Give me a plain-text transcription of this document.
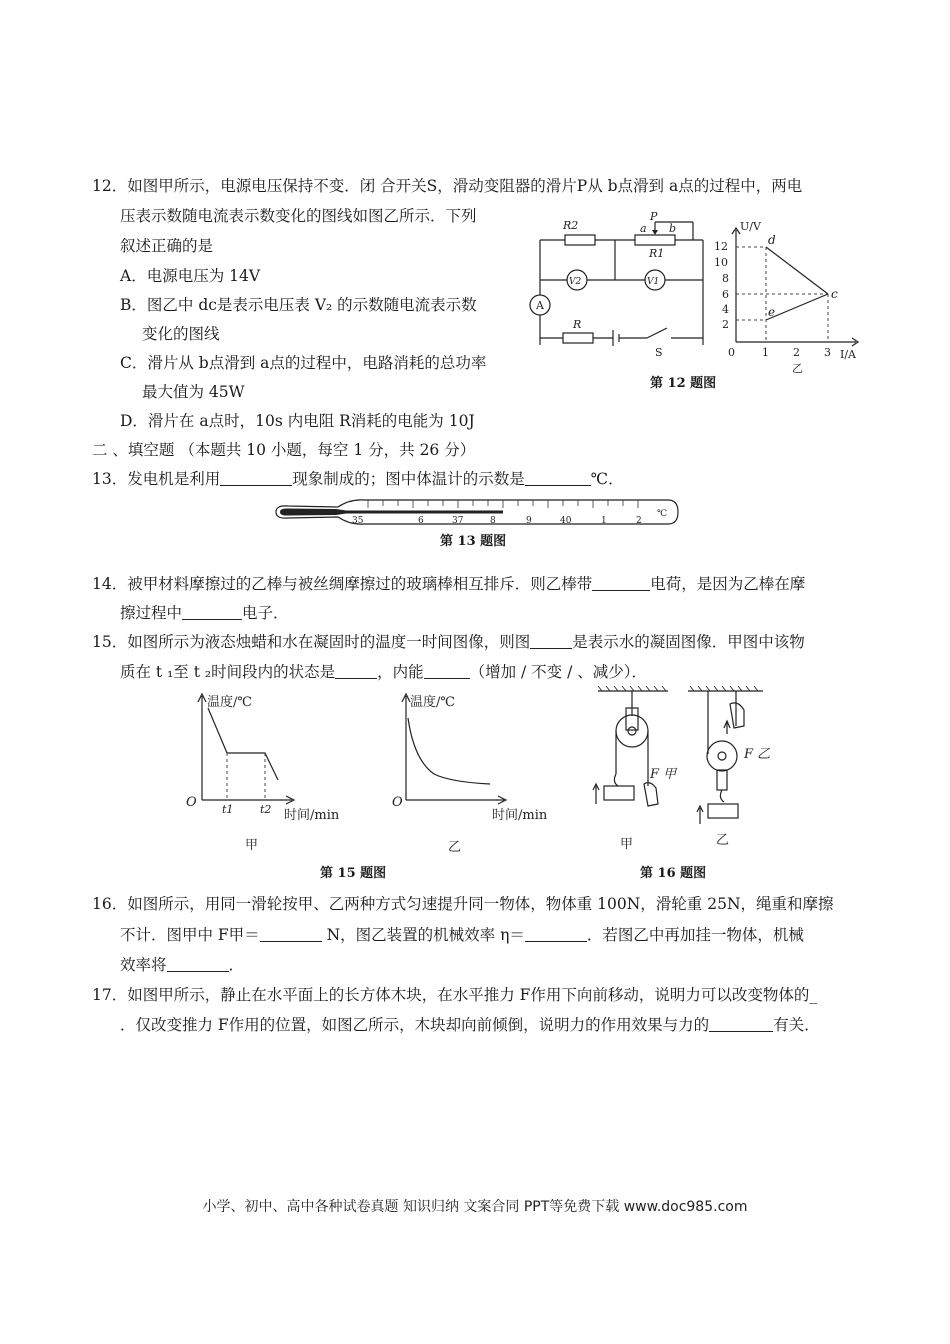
12．如图甲所示，电源电压保持不变．闭 合开关S，滑动变阻器的滑片P从 b点滑到 a点的过程中，两电
压表示数随电流表示数变化的图线如图乙所示．下列
叙述正确的是
A．电源电压为 14V
B．图乙中 dc是表示电压表 V₂ 的示数随电流表示数
变化的图线
C．滑片从 b点滑到 a点的过程中，电路消耗的总功率
最大值为 45W
D．滑片在 a点时，10s 内电阻 R消耗的电能为 10J
R2
P
a b
R1
V2	V1
A
R
S
U/V
I/A
0
12
10
8
6
4
2
1 2 3
乙
d
c
e
第 12 题图
二 、填空题 （本题共 10 小题，每空 1 分，共 26 分）
13．发电机是利用	现象制成的；图中体温计的示数是	℃．
35	6	37	8	9	40	1	2
℃
第 13 题图
14．被甲材料摩擦过的乙棒与被丝绸摩擦过的玻璃棒相互排斥．则乙棒带	电荷，是因为乙棒在摩
擦过程中	电子．
15．如图所示为液态烛蜡和水在凝固时的温度一时间图像，则图	是表示水的凝固图像．甲图中该物
质在 t ₁至 t ₂时间段内的状态是	，内能	（增加 / 不变 / 、减少）．
温度/℃
时间/min
O t1 t2
甲
温度/℃
时间/min
O
乙
第 15 题图
F 甲
F 乙
甲	乙
第 16 题图
16．如图所示，用同一滑轮按甲、乙两种方式匀速提升同一物体，物体重 100N，滑轮重 25N，绳重和摩擦
不计．图甲中 F甲＝	N，图乙装置的机械效率 η＝	．若图乙中再加挂一物体，机械
效率将	．
17．如图甲所示，静止在水平面上的长方体木块，在水平推力 F作用下向前移动，说明力可以改变物体的_
．仅改变推力 F作用的位置，如图乙所示，木块却向前倾倒，说明力的作用效果与力的	有关．
小学、初中、高中各种试卷真题 知识归纳 文案合同 PPT等免费下载 www.doc985.com
